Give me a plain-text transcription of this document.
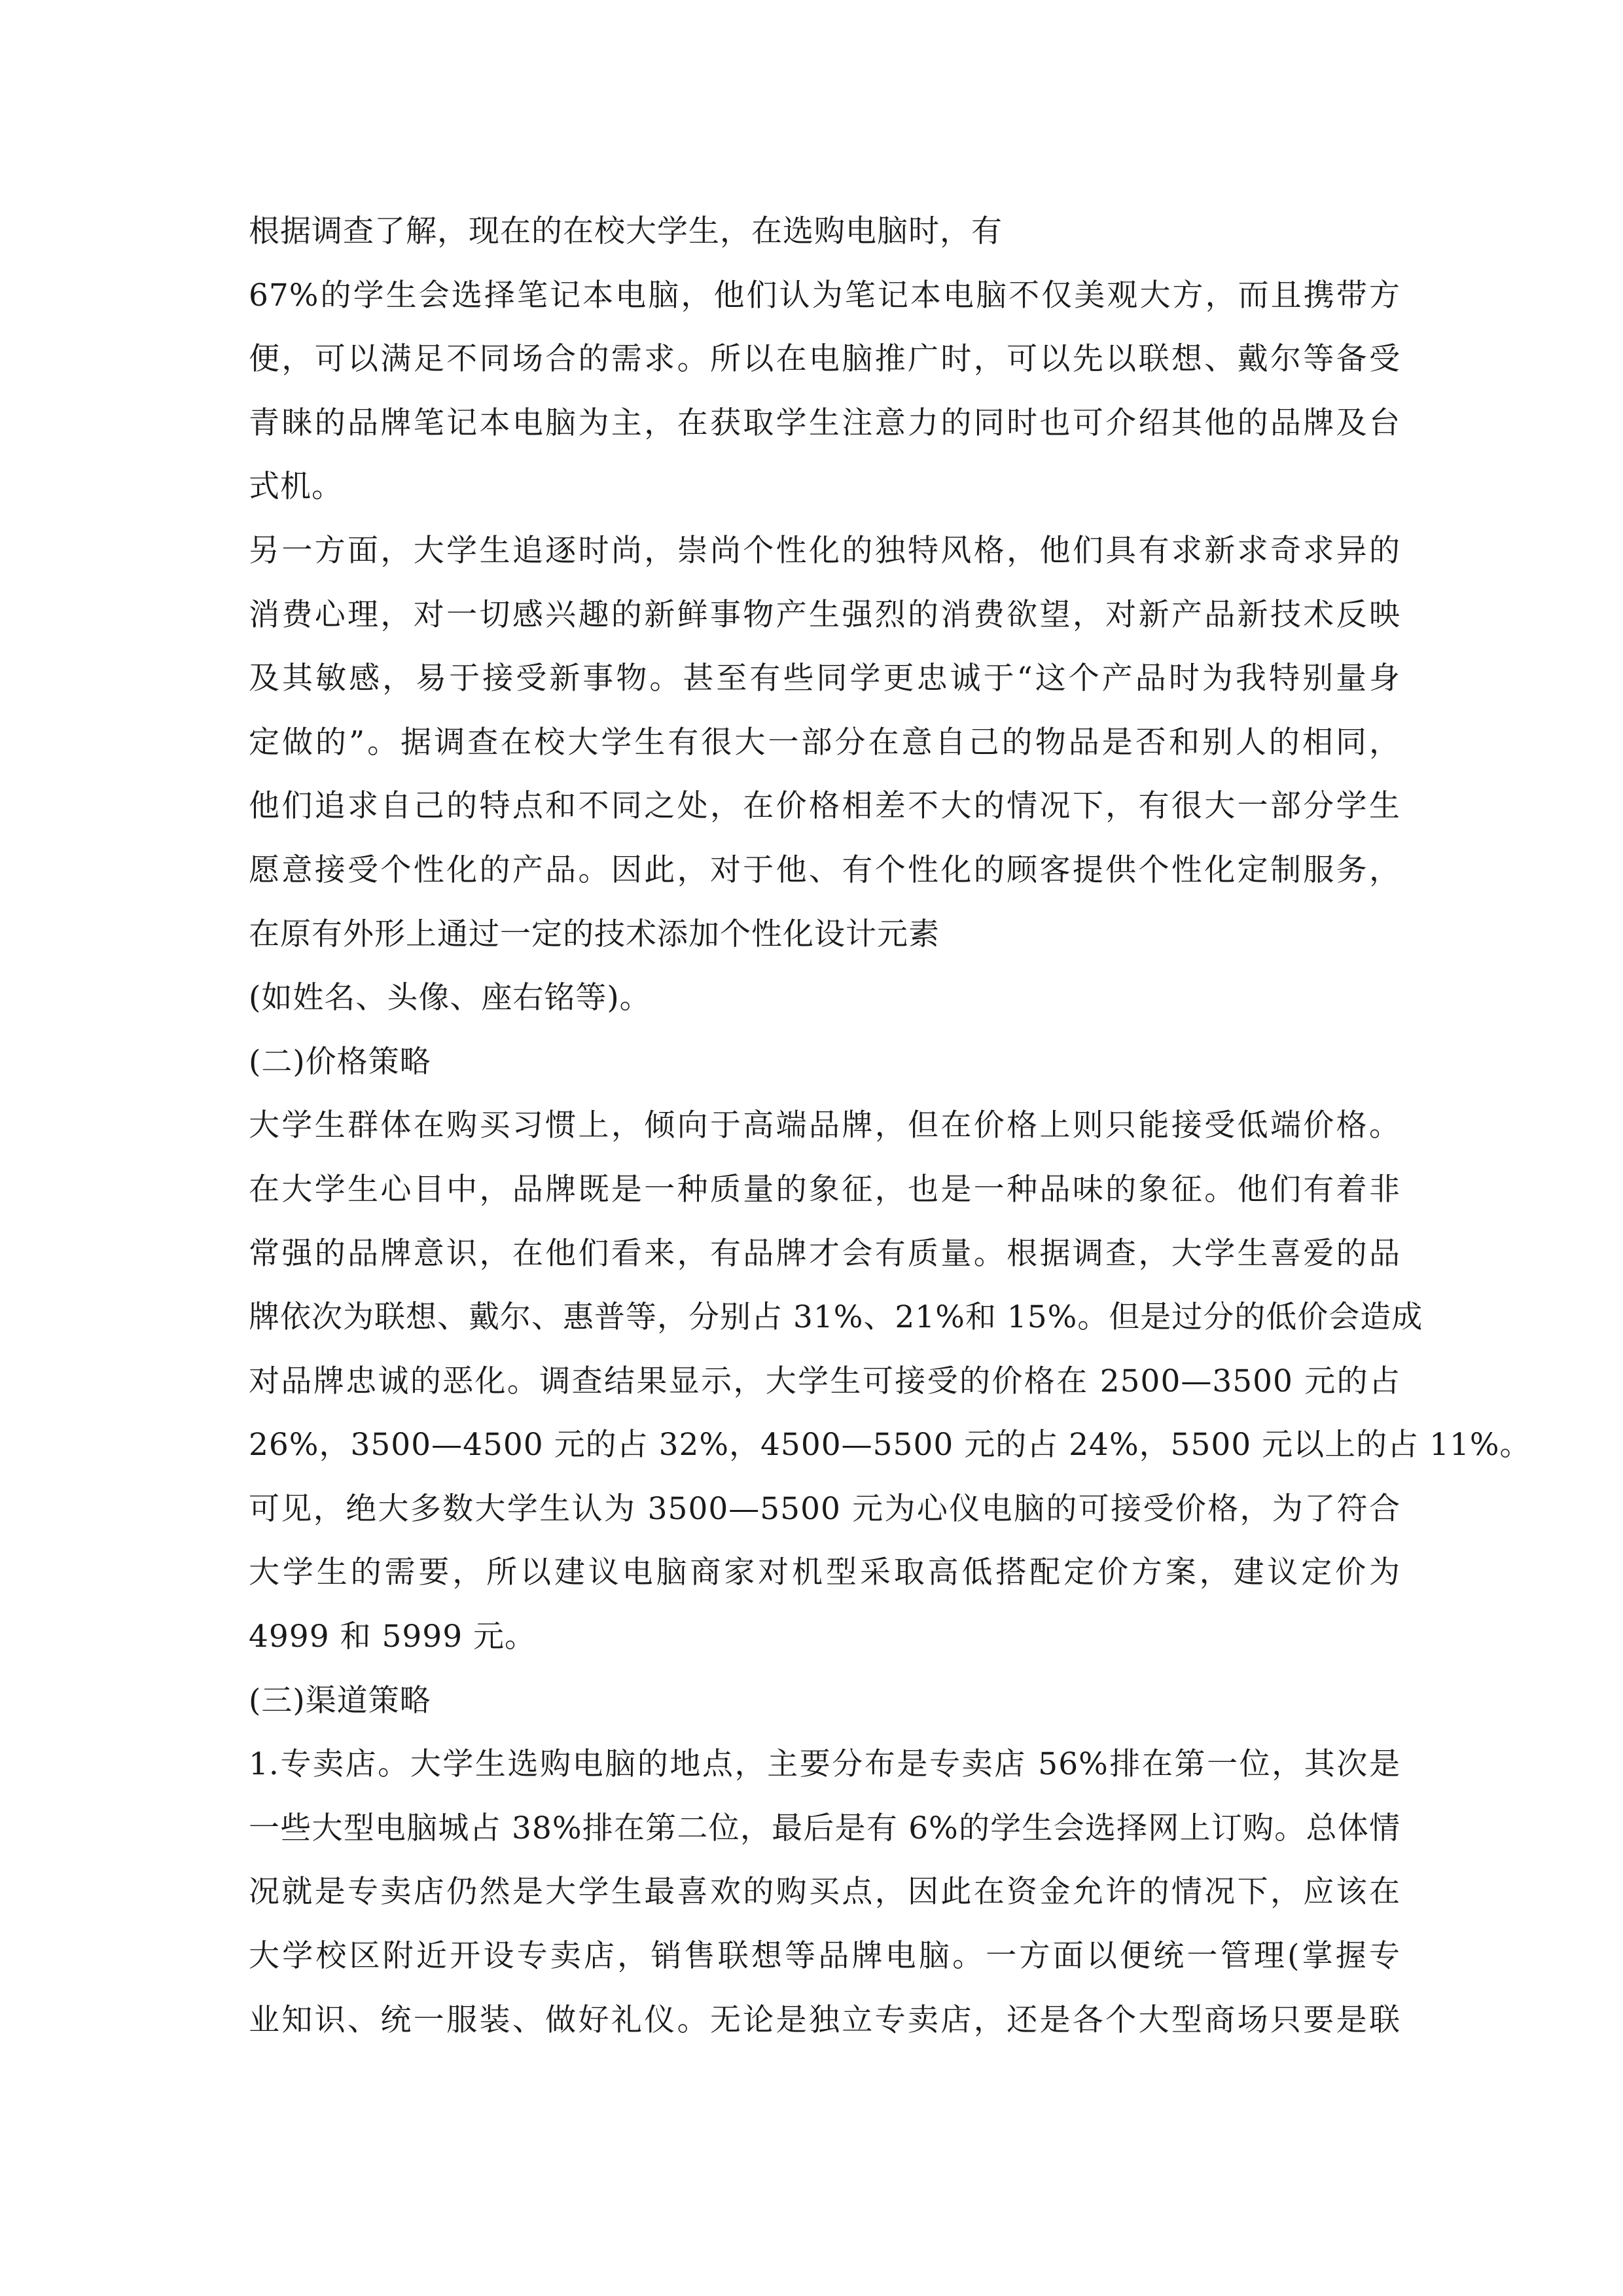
根据调查了解，现在的在校大学生，在选购电脑时，有
67%的学生会选择笔记本电脑，他们认为笔记本电脑不仅美观大方，而且携带方
便，可以满足不同场合的需求。所以在电脑推广时，可以先以联想、戴尔等备受
青睐的品牌笔记本电脑为主，在获取学生注意力的同时也可介绍其他的品牌及台
式机。
另一方面，大学生追逐时尚，崇尚个性化的独特风格，他们具有求新求奇求异的
消费心理，对一切感兴趣的新鲜事物产生强烈的消费欲望，对新产品新技术反映
及其敏感，易于接受新事物。甚至有些同学更忠诚于“这个产品时为我特别量身
定做的”。据调查在校大学生有很大一部分在意自己的物品是否和别人的相同，
他们追求自己的特点和不同之处，在价格相差不大的情况下，有很大一部分学生
愿意接受个性化的产品。因此，对于他、有个性化的顾客提供个性化定制服务，
在原有外形上通过一定的技术添加个性化设计元素
(如姓名、头像、座右铭等)。
(二)价格策略
大学生群体在购买习惯上，倾向于高端品牌，但在价格上则只能接受低端价格。
在大学生心目中，品牌既是一种质量的象征，也是一种品味的象征。他们有着非
常强的品牌意识，在他们看来，有品牌才会有质量。根据调查，大学生喜爱的品
牌依次为联想、戴尔、惠普等，分别占 31%、21%和 15%。但是过分的低价会造成
对品牌忠诚的恶化。调查结果显示，大学生可接受的价格在 2500—3500 元的占
26%，3500—4500 元的占 32%，4500—5500 元的占 24%，5500 元以上的占 11%。
可见，绝大多数大学生认为 3500—5500 元为心仪电脑的可接受价格，为了符合
大学生的需要，所以建议电脑商家对机型采取高低搭配定价方案，建议定价为
4999 和 5999 元。
(三)渠道策略
1.专卖店。大学生选购电脑的地点，主要分布是专卖店 56%排在第一位，其次是
一些大型电脑城占 38%排在第二位，最后是有 6%的学生会选择网上订购。总体情
况就是专卖店仍然是大学生最喜欢的购买点，因此在资金允许的情况下，应该在
大学校区附近开设专卖店，销售联想等品牌电脑。一方面以便统一管理(掌握专
业知识、统一服装、做好礼仪。无论是独立专卖店，还是各个大型商场只要是联
